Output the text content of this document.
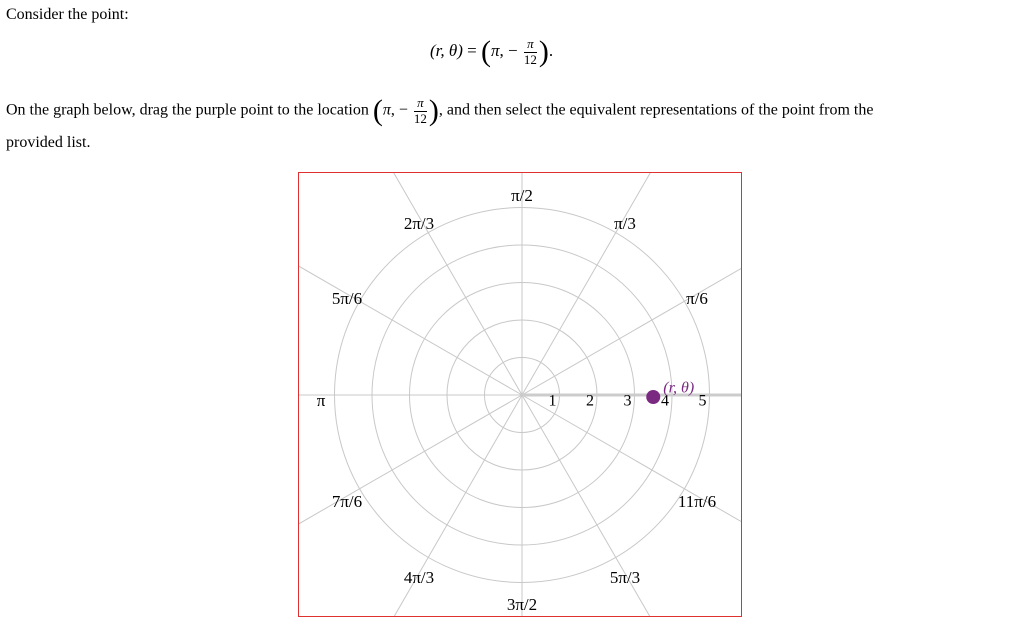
Consider the point:
(r, θ) = (π, − $\frac{\pi}{12}$ ).
On the graph below, drag the purple point to the location (π, − $\frac{\pi}{12}$ ), and then select the equivalent representations of the point from the
provided list.
π/2
π/3
2π/3
π/6
5π/6
π
7π/6	11π/6
4π/3	5π/3
3π/2
1 2 3 4 5
(r, θ)
